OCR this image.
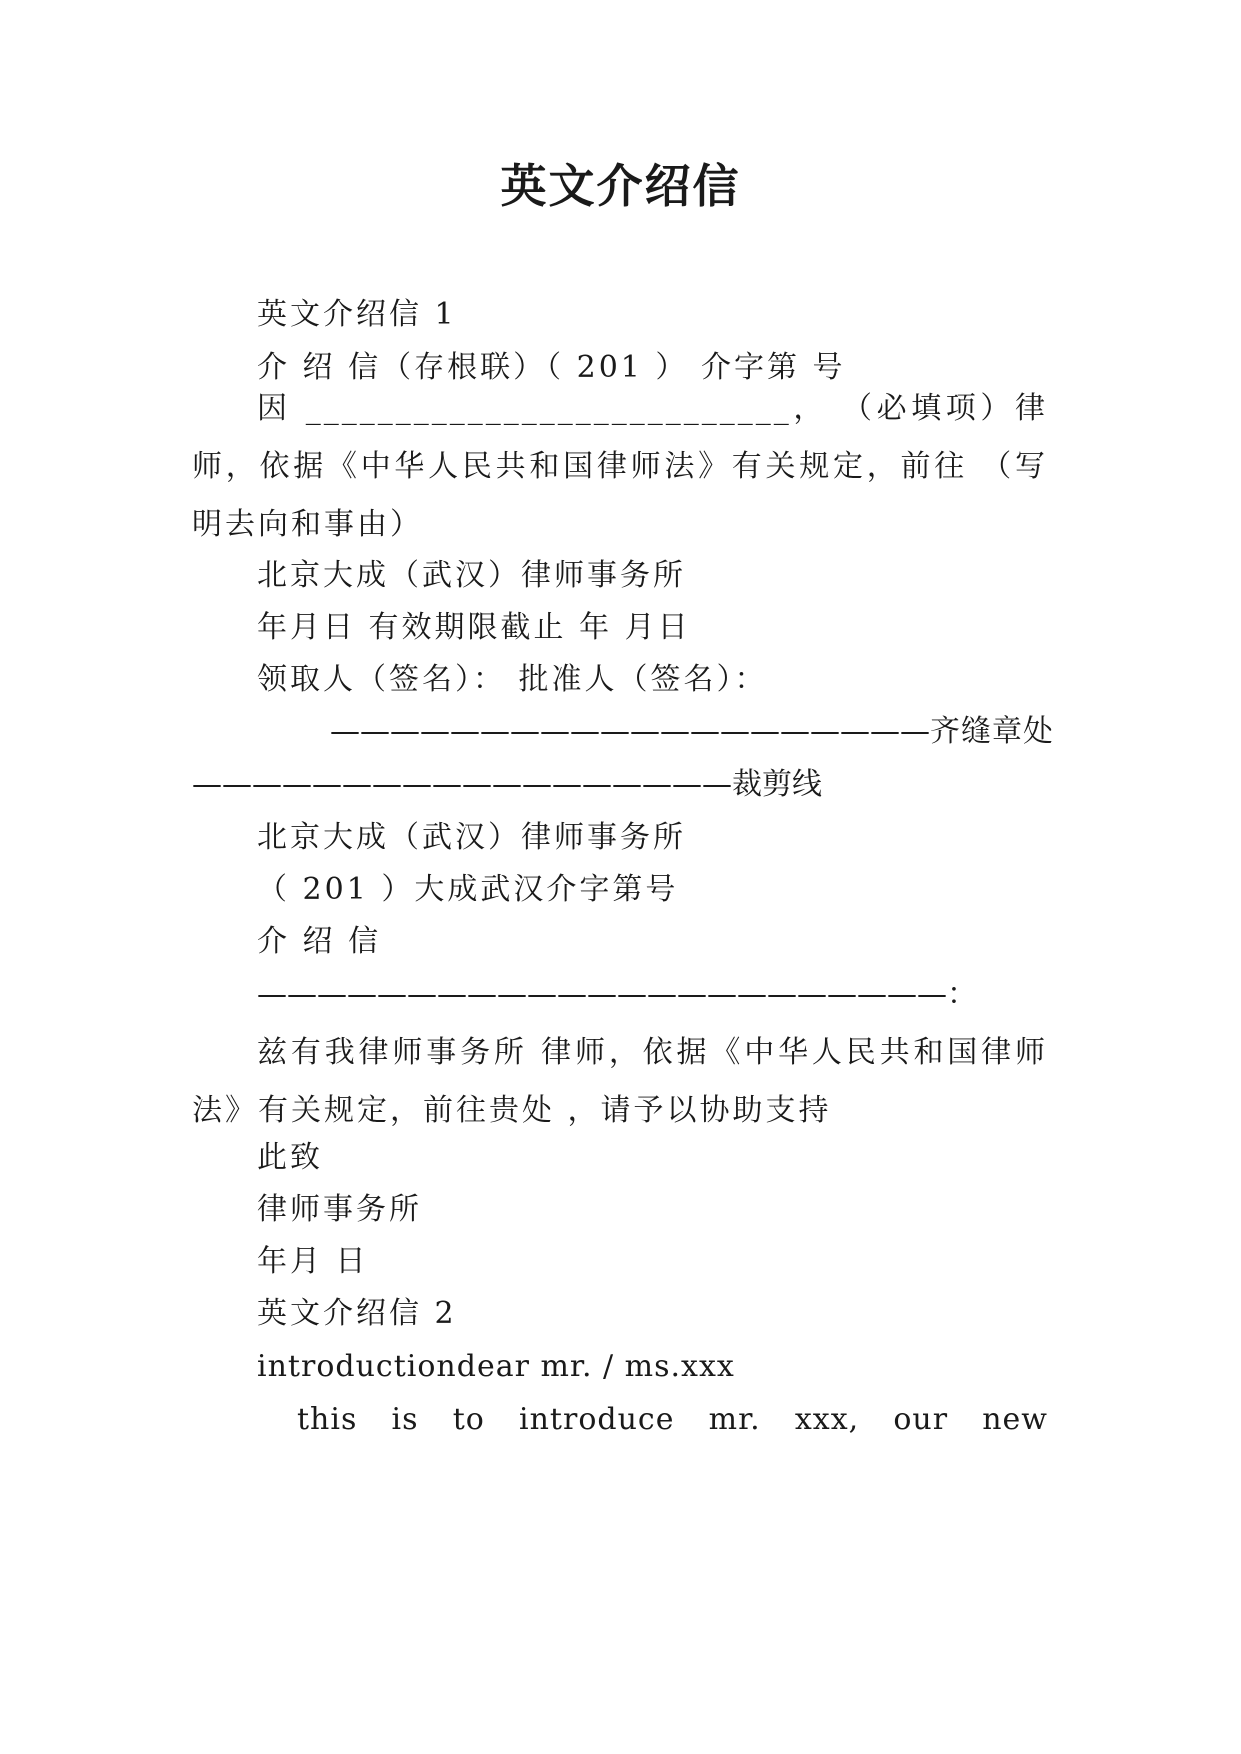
英文介绍信
英文介绍信 1
介 绍 信（存根联）（ 201 ） 介字第 号
因 ___________________________， （必填项）律师，依据《中华人民共和国律师法》有关规定，前往 （写明去向和事由）
北京大成（武汉）律师事务所
年月日 有效期限截止 年 月日
领取人（签名）： 批准人（签名）：
———————————————————— 齐 缝 章 处
——————————————————裁剪线
北京大成（武汉）律师事务所
（ 201 ）大成武汉介字第号
介 绍 信
———————————————————————：
兹有我律师事务所 律师，依据《中华人民共和国律师法》有关规定，前往贵处 ，请予以协助支持
此致
律师事务所
年月 日
英文介绍信 2
introductiondear mr. / ms.xxx
this is to introduce mr. xxx, our new
